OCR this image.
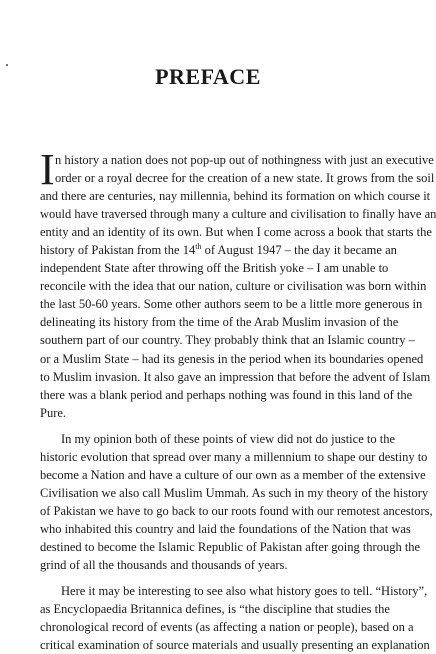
PREFACE
I n history a nation does not pop-up out of nothingness with just an executive
order or a royal decree for the creation of a new state. It grows from the soil
and there are centuries, nay millennia, behind its formation on which course it
would have traversed through many a culture and civilisation to finally have an
entity and an identity of its own. But when I come across a book that starts the
history of Pakistan from the 14th of August 1947 – the day it became an
independent State after throwing off the British yoke – I am unable to
reconcile with the idea that our nation, culture or civilisation was born within
the last 50-60 years. Some other authors seem to be a little more generous in
delineating its history from the time of the Arab Muslim invasion of the
southern part of our country. They probably think that an Islamic country –
or a Muslim State – had its genesis in the period when its boundaries opened
to Muslim invasion. It also gave an impression that before the advent of Islam
there was a blank period and perhaps nothing was found in this land of the
Pure.
In my opinion both of these points of view did not do justice to the
historic evolution that spread over many a millennium to shape our destiny to
become a Nation and have a culture of our own as a member of the extensive
Civilisation we also call Muslim Ummah. As such in my theory of the history
of Pakistan we have to go back to our roots found with our remotest ancestors,
who inhabited this country and laid the foundations of the Nation that was
destined to become the Islamic Republic of Pakistan after going through the
grind of all the thousands and thousands of years.
Here it may be interesting to see also what history goes to tell. “History”,
as Encyclopaedia Britannica defines, is “the discipline that studies the
chronological record of events (as affecting a nation or people), based on a
critical examination of source materials and usually presenting an explanation
